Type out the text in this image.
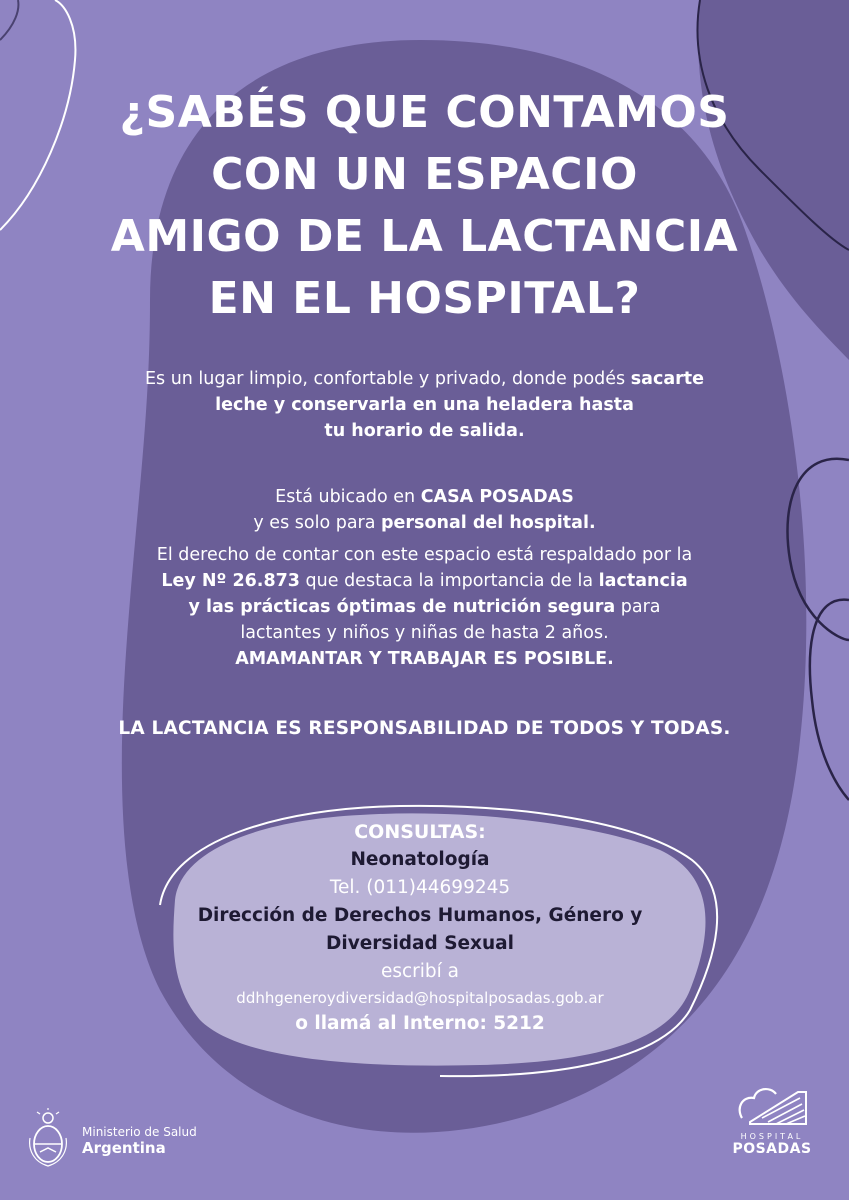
¿SABÉS QUE CONTAMOS
CON UN ESPACIO
AMIGO DE LA LACTANCIA
EN EL HOSPITAL?
Es un lugar limpio, confortable y privado, donde podés sacarte
leche y conservarla en una heladera hasta
tu horario de salida.
Está ubicado en CASA POSADAS
y es solo para personal del hospital.
El derecho de contar con este espacio está respaldado por la
Ley Nº 26.873 que destaca la importancia de la lactancia
y las prácticas óptimas de nutrición segura para
lactantes y niños y niñas de hasta 2 años.
AMAMANTAR Y TRABAJAR ES POSIBLE.
LA LACTANCIA ES RESPONSABILIDAD DE TODOS Y TODAS.
CONSULTAS:
Neonatología
Tel. (011)44699245
Dirección de Derechos Humanos, Género y
Diversidad Sexual
escribí a
ddhhgeneroydiversidad@hospitalposadas.gob.ar
o llamá al Interno: 5212
Ministerio de Salud
Argentina
HOSPITAL
POSADAS
